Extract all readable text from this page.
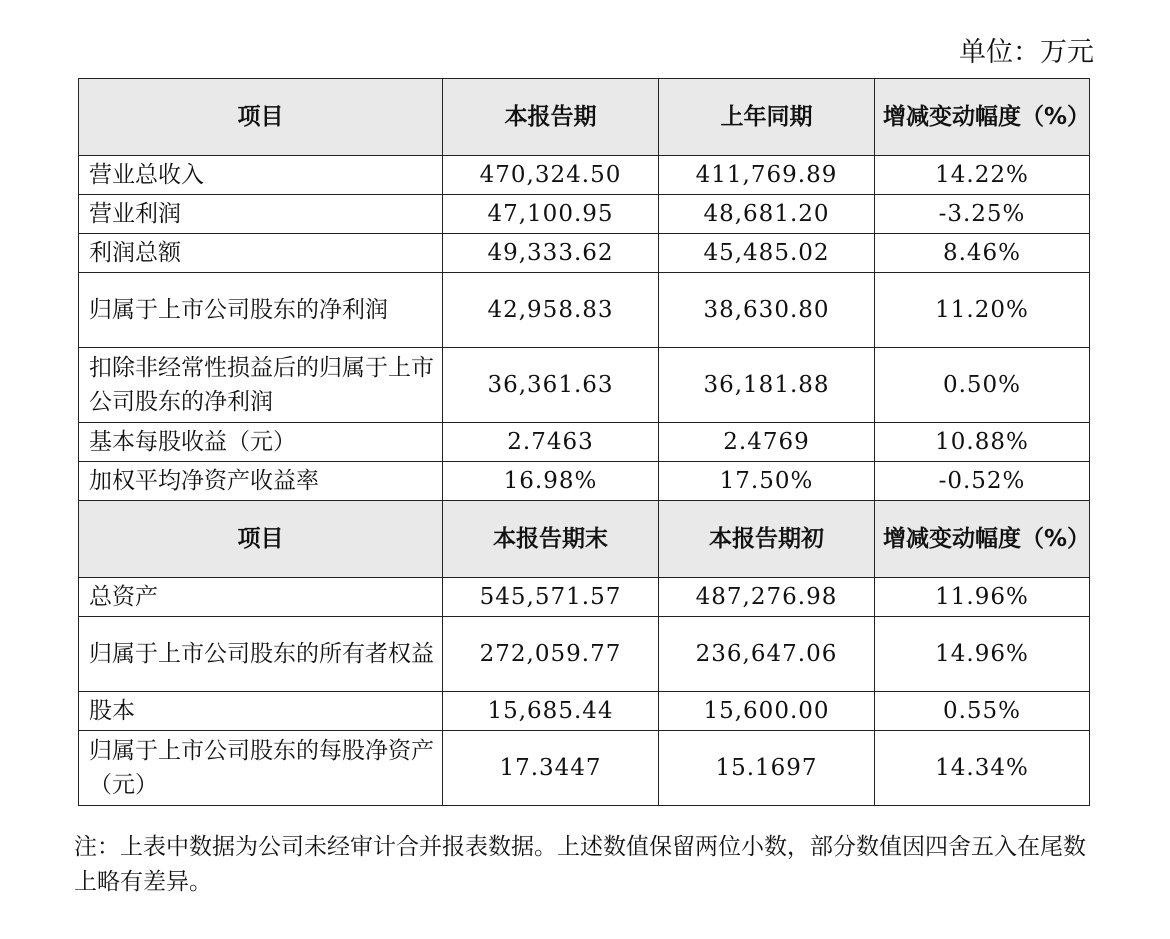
单位：万元
项目	本报告期	上年同期	增减变动幅度（%）
营业总收入	470,324.50	411,769.89	14.22%
营业利润	47,100.95	48,681.20	-3.25%
利润总额	49,333.62	45,485.02	8.46%
归属于上市公司股东的净利润	42,958.83	38,630.80	11.20%
扣除非经常性损益后的归属于上市公司股东的净利润	36,361.63	36,181.88	0.50%
基本每股收益（元）	2.7463	2.4769	10.88%
加权平均净资产收益率	16.98%	17.50%	-0.52%
项目	本报告期末	本报告期初	增减变动幅度（%）
总资产	545,571.57	487,276.98	11.96%
归属于上市公司股东的所有者权益	272,059.77	236,647.06	14.96%
股本	15,685.44	15,600.00	0.55%
归属于上市公司股东的每股净资产（元）	17.3447	15.1697	14.34%
注：上表中数据为公司未经审计合并报表数据。上述数值保留两位小数，部分数值因四舍五入在尾数上略有差异。
